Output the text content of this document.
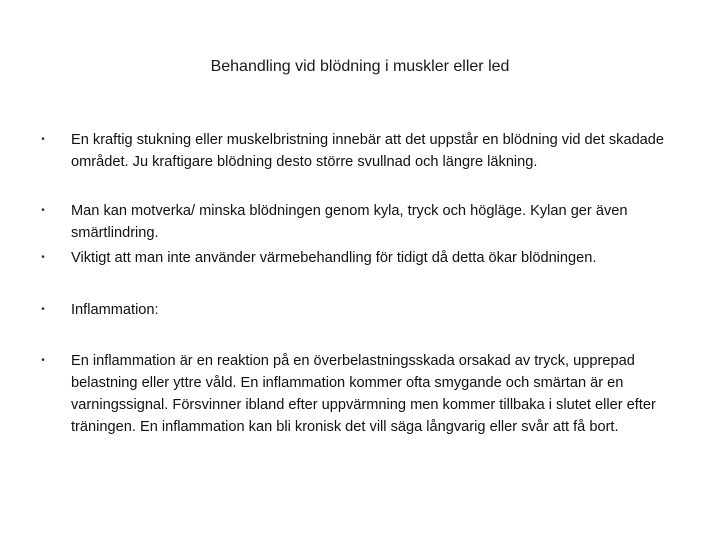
Behandling vid blödning i muskler eller led
• En kraftig stukning eller muskelbristning innebär att det uppstår en blödning vid det skadade området. Ju kraftigare blödning desto större svullnad och längre läkning.
• Man kan motverka/ minska blödningen genom kyla, tryck och högläge. Kylan ger även smärtlindring.
• Viktigt att man inte använder värmebehandling för tidigt då detta ökar blödningen.
• Inflammation:
• En inflammation är en reaktion på en överbelastningsskada orsakad av tryck, upprepad belastning eller yttre våld. En inflammation kommer ofta smygande och smärtan är en varningssignal. Försvinner ibland efter uppvärmning men kommer tillbaka i slutet eller efter träningen. En inflammation kan bli kronisk det vill säga långvarig eller svår att få bort.
